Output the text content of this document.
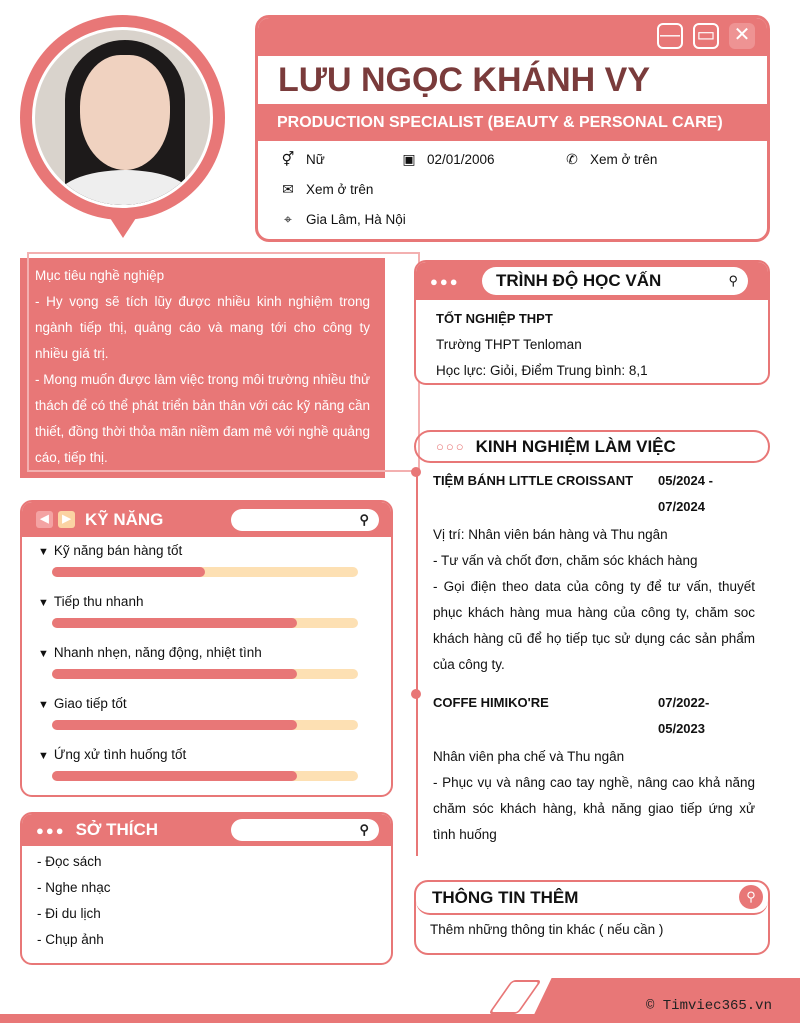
— ▭ ✕
LƯU NGỌC KHÁNH VY
PRODUCTION SPECIALIST (BEAUTY & PERSONAL CARE)
⚥ Nữ	▣ 02/01/2006	✆ Xem ở trên
✉ Xem ở trên
⌖	Gia Lâm, Hà Nội
Mục tiêu nghề nghiệp

- Hy vọng sẽ tích lũy được nhiều kinh nghiệm trong ngành tiếp thị, quảng cáo và mang tới cho công ty nhiều giá trị.

- Mong muốn được làm việc trong môi trường nhiều thử thách để có thể phát triển bản thân với các kỹ năng cần thiết, đồng thời thỏa mãn niềm đam mê với nghề quảng cáo, tiếp thị.

◀	▶ KỸ NĂNG	⚲
▼ Kỹ năng bán hàng tốt
▼ Tiếp thu nhanh
▼ Nhanh nhẹn, năng động, nhiệt tình
▼ Giao tiếp tốt
▼ Ứng xử tình huống tốt
●●● SỞ THÍCH	⚲
- Đọc sách
- Nghe nhạc
- Đi du lịch
- Chụp ảnh
●●●	TRÌNH ĐỘ HỌC VẤN	⚲
TỐT NGHIỆP THPT
Trường THPT Tenloman
Học lực: Giỏi, Điểm Trung bình: 8,1
○○○ KINH NGHIỆM LÀM VIỆC
TIỆM BÁNH LITTLE CROISSANT 05/2024 - 07/2024

Vị trí: Nhân viên bán hàng và Thu ngân

- Tư vấn và chốt đơn, chăm sóc khách hàng

- Gọi điện theo data của công ty để tư vấn, thuyết phục khách hàng mua hàng của công ty, chăm soc khách hàng cũ để họ tiếp tục sử dụng các sản phẩm của công ty.

COFFE HIMIKO'RE	07/2022- 05/2023

Nhân viên pha chế và Thu ngân

- Phục vụ và nâng cao tay nghề, nâng cao khả năng chăm sóc khách hàng, khả năng giao tiếp ứng xử tình huống

THÔNG TIN THÊM	⚲
Thêm những thông tin khác ( nếu cần )
© Timviec365.vn
